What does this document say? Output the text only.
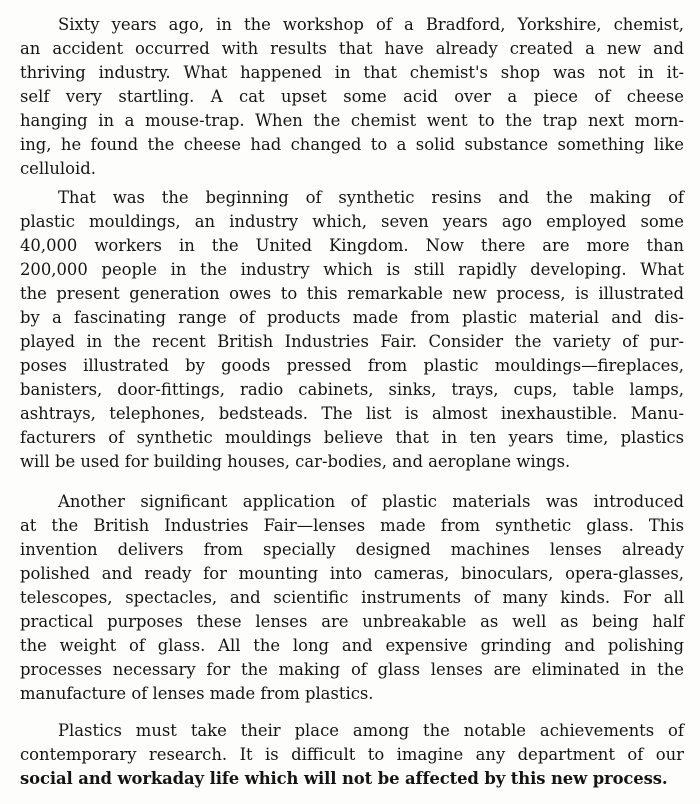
Sixty years ago, in the workshop of a Bradford, Yorkshire, chemist,

an accident occurred with results that have already created a new and

thriving industry. What happened in that chemist's shop was not in it-

self very startling. A cat upset some acid over a piece of cheese

hanging in a mouse-trap. When the chemist went to the trap next morn-

ing, he found the cheese had changed to a solid substance something like

celluloid.

That was the beginning of synthetic resins and the making of

plastic mouldings, an industry which, seven years ago employed some

40,000 workers in the United Kingdom. Now there are more than

200,000 people in the industry which is still rapidly developing. What

the present generation owes to this remarkable new process, is illustrated

by a fascinating range of products made from plastic material and dis-

played in the recent British Industries Fair. Consider the variety of pur-

poses illustrated by goods pressed from plastic mouldings—fireplaces,

banisters, door-fittings, radio cabinets, sinks, trays, cups, table lamps,

ashtrays, telephones, bedsteads. The list is almost inexhaustible. Manu-

facturers of synthetic mouldings believe that in ten years time, plastics

will be used for building houses, car-bodies, and aeroplane wings.

Another significant application of plastic materials was introduced

at the British Industries Fair—lenses made from synthetic glass. This

invention delivers from specially designed machines lenses already

polished and ready for mounting into cameras, binoculars, opera-glasses,

telescopes, spectacles, and scientific instruments of many kinds. For all

practical purposes these lenses are unbreakable as well as being half

the weight of glass. All the long and expensive grinding and polishing

processes necessary for the making of glass lenses are eliminated in the

manufacture of lenses made from plastics.

Plastics must take their place among the notable achievements of

contemporary research. It is difficult to imagine any department of our

social and workaday life which will not be affected by this new process.
